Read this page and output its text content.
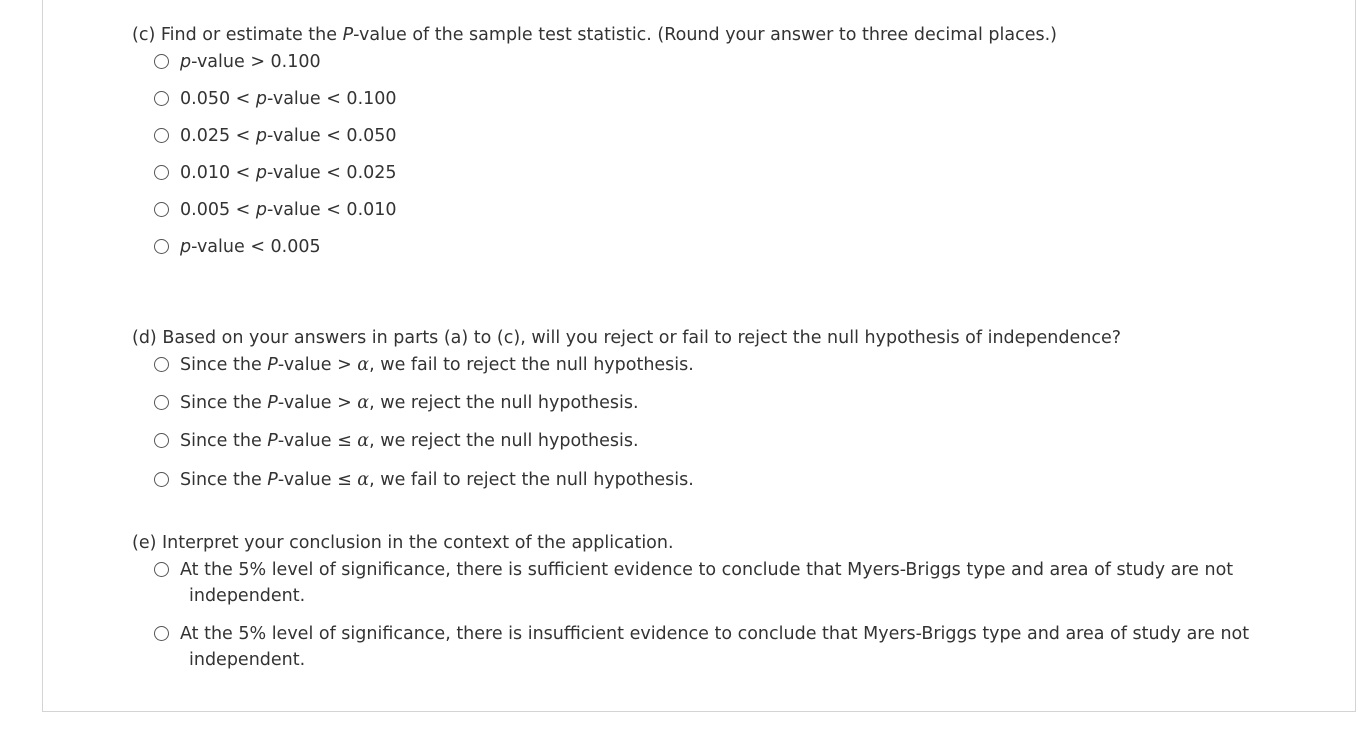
(c) Find or estimate the P-value of the sample test statistic. (Round your answer to three decimal places.)
p-value > 0.100
0.050 < p-value < 0.100
0.025 < p-value < 0.050
0.010 < p-value < 0.025
0.005 < p-value < 0.010
p-value < 0.005
(d) Based on your answers in parts (a) to (c), will you reject or fail to reject the null hypothesis of independence?
Since the P-value > α, we fail to reject the null hypothesis.
Since the P-value > α, we reject the null hypothesis.
Since the P-value ≤ α, we reject the null hypothesis.
Since the P-value ≤ α, we fail to reject the null hypothesis.
(e) Interpret your conclusion in the context of the application.
At the 5% level of significance, there is sufficient evidence to conclude that Myers-Briggs type and area of study are not
independent.
At the 5% level of significance, there is insufficient evidence to conclude that Myers-Briggs type and area of study are not
independent.
